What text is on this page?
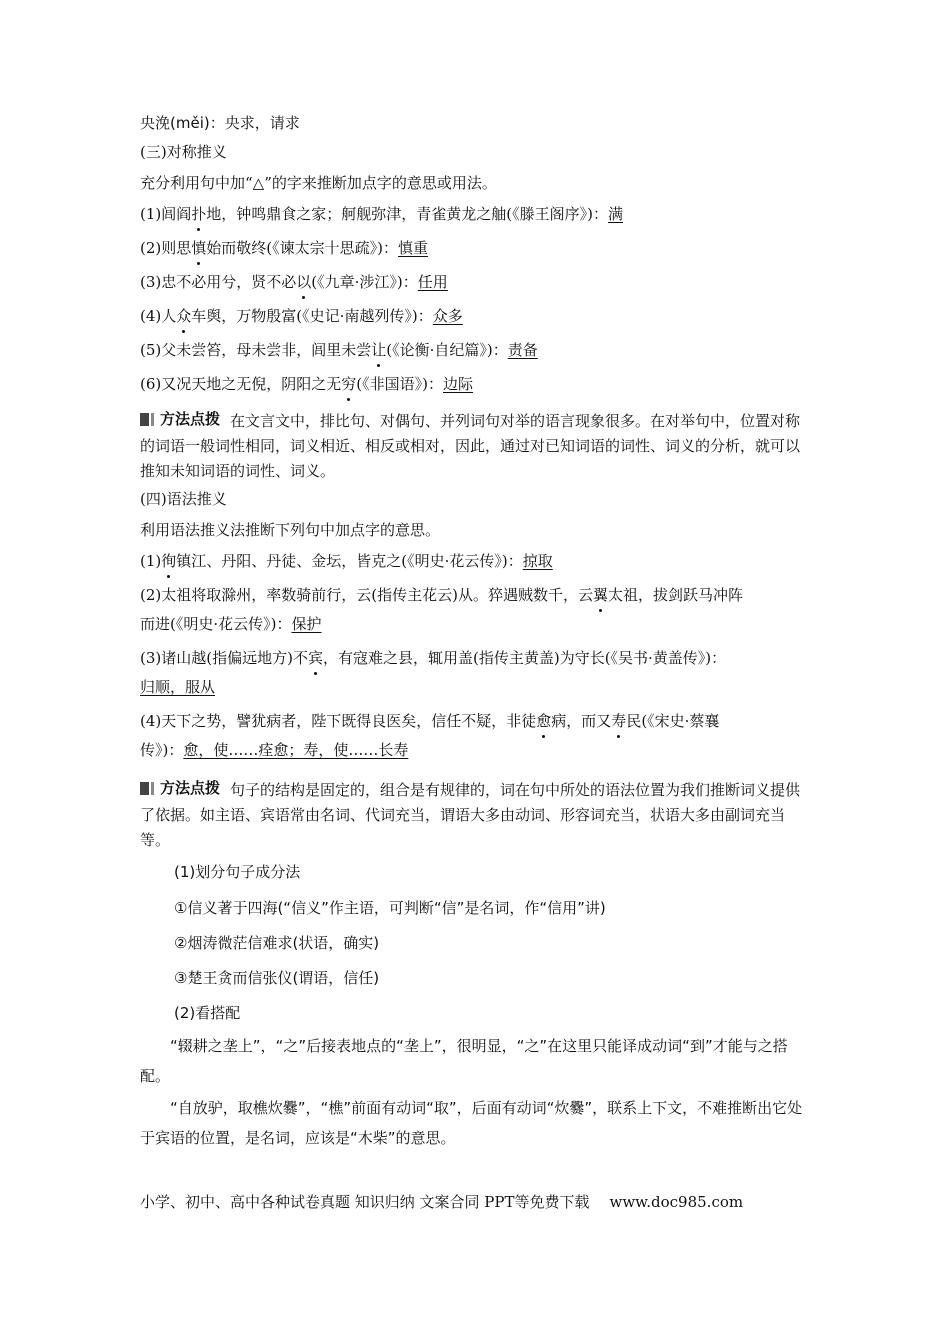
央浼(měi)：央求，请求

(三)对称推义

充分利用句中加“△”的字来推断加点字的意思或用法。

(1)闾阎扑地，钟鸣鼎食之家；舸舰弥津，青雀黄龙之舳(《滕王阁序》)：满

(2)则思慎始而敬终(《谏太宗十思疏》)：慎重

(3)忠不必用兮，贤不必以(《九章·涉江》)：任用

(4)人众车舆，万物殷富(《史记·南越列传》)：众多

(5)父未尝笞，母未尝非，闾里未尝让(《论衡·自纪篇》)：责备

(6)又况天地之无倪，阴阳之无穷(《非国语》)：边际

方法点拨 在文言文中，排比句、对偶句、并列词句对举的语言现象很多。在对举句中，位置对称的词语一般词性相同，词义相近、相反或相对，因此，通过对已知词语的词性、词义的分析，就可以推知未知词语的词性、词义。

(四)语法推义

利用语法推义法推断下列句中加点字的意思。

(1)徇镇江、丹阳、丹徒、金坛，皆克之(《明史·花云传》)：掠取

(2)太祖将取滁州，率数骑前行，云(指传主花云)从。猝遇贼数千，云翼太祖，拔剑跃马冲阵

而进(《明史·花云传》)：保护

(3)诸山越(指偏远地方)不宾，有寇难之县，辄用盖(指传主黄盖)为守长(《吴书·黄盖传》)：

归顺，服从

(4)天下之势，譬犹病者，陛下既得良医矣，信任不疑，非徒愈病，而又寿民(《宋史·蔡襄

传》)：愈，使……痊愈；寿，使……长寿

方法点拨 句子的结构是固定的，组合是有规律的，词在句中所处的语法位置为我们推断词义提供了依据。如主语、宾语常由名词、代词充当，谓语大多由动词、形容词充当，状语大多由副词充当等。

(1)划分句子成分法

①信义著于四海(“信义”作主语，可判断“信”是名词，作“信用”讲)

②烟涛微茫信难求(状语，确实)

③楚王贪而信张仪(谓语，信任)

(2)看搭配

“辍耕之垄上”，“之”后接表地点的“垄上”，很明显，“之”在这里只能译成动词“到”才能与之搭配。

“自放驴，取樵炊爨”，“樵”前面有动词“取”，后面有动词“炊爨”，联系上下文，不难推断出它处于宾语的位置，是名词，应该是“木柴”的意思。

小学、初中、高中各种试卷真题 知识归纳 文案合同 PPT等免费下载 www.doc985.com
